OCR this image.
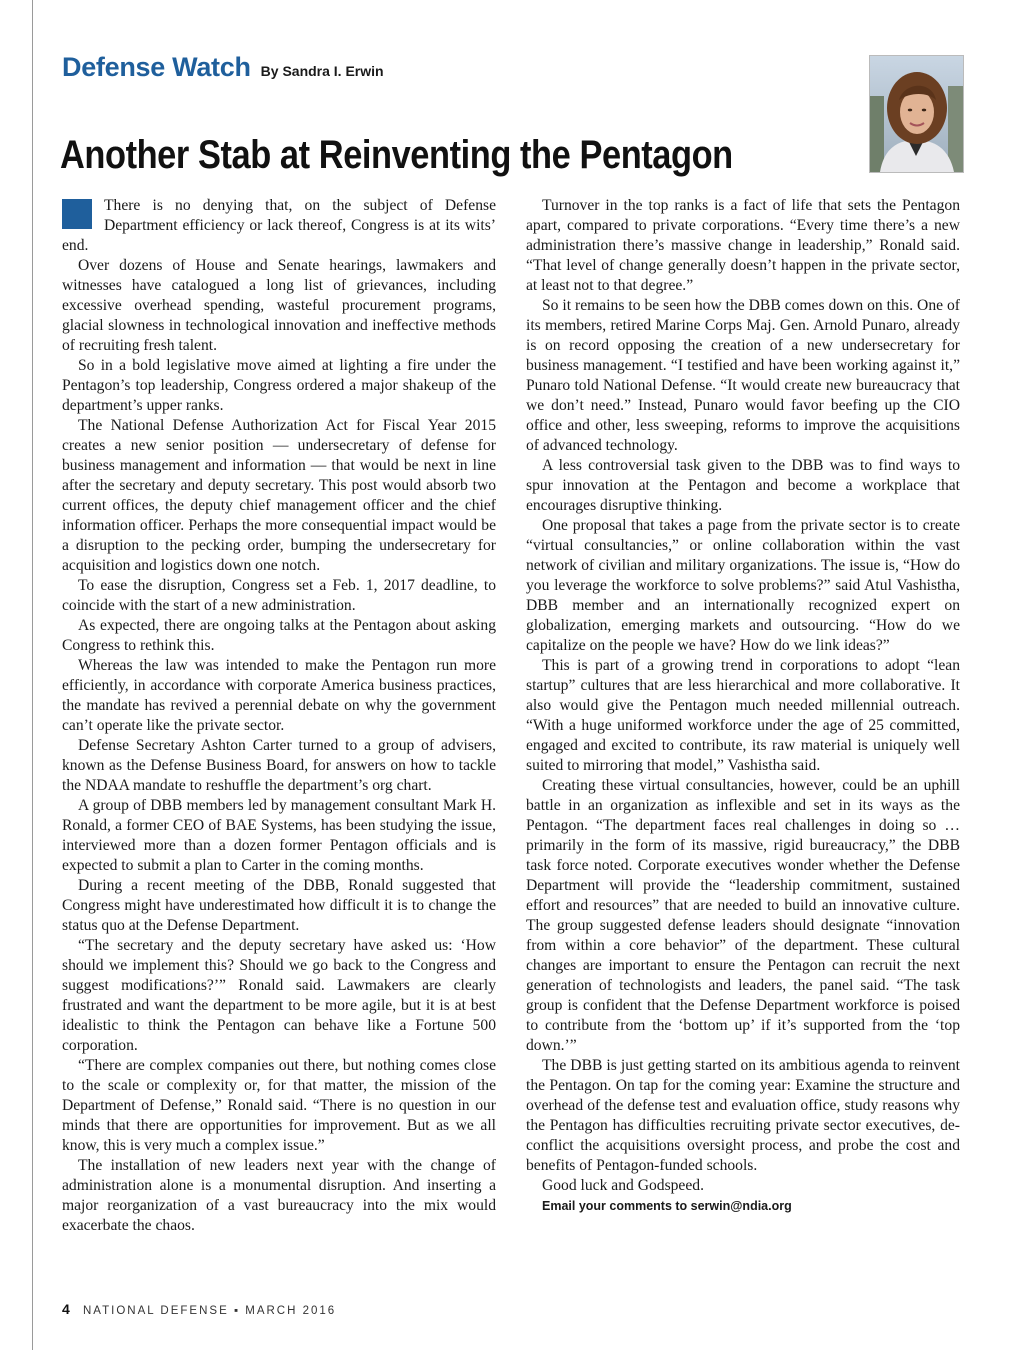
Defense Watch By Sandra I. Erwin
Another Stab at Reinventing the Pentagon

There is no denying that, on the subject of Defense Department efficiency or lack thereof, Congress is at its wits’ end.

Over dozens of House and Senate hearings, lawmakers and witnesses have catalogued a long list of grievances, including excessive overhead spending, wasteful procurement programs, glacial slowness in technological innovation and ineffective methods of recruiting fresh talent.

So in a bold legislative move aimed at lighting a fire under the Pentagon’s top leadership, Congress ordered a major shakeup of the department’s upper ranks.

The National Defense Authorization Act for Fiscal Year 2015 creates a new senior position — undersecretary of defense for business management and information — that would be next in line after the secretary and deputy secretary. This post would absorb two current offices, the deputy chief management officer and the chief information officer. Perhaps the more consequential impact would be a disruption to the pecking order, bumping the undersecretary for acquisition and logistics down one notch.

To ease the disruption, Congress set a Feb. 1, 2017 deadline, to coincide with the start of a new administration.

As expected, there are ongoing talks at the Pentagon about asking Congress to rethink this.

Whereas the law was intended to make the Pentagon run more efficiently, in accordance with corporate America business practices, the mandate has revived a perennial debate on why the government can’t operate like the private sector.

Defense Secretary Ashton Carter turned to a group of advisers, known as the Defense Business Board, for answers on how to tackle the NDAA mandate to reshuffle the department’s org chart.

A group of DBB members led by management consultant Mark H. Ronald, a former CEO of BAE Systems, has been studying the issue, interviewed more than a dozen former Pentagon officials and is expected to submit a plan to Carter in the coming months.

During a recent meeting of the DBB, Ronald suggested that Congress might have underestimated how difficult it is to change the status quo at the Defense Department.

“The secretary and the deputy secretary have asked us: ‘How should we implement this? Should we go back to the Congress and suggest modifications?’” Ronald said. Lawmakers are clearly frustrated and want the department to be more agile, but it is at best idealistic to think the Pentagon can behave like a Fortune 500 corporation.

“There are complex companies out there, but nothing comes close to the scale or complexity or, for that matter, the mission of the Department of Defense,” Ronald said. “There is no question in our minds that there are opportunities for improvement. But as we all know, this is very much a complex issue.”

The installation of new leaders next year with the change of administration alone is a monumental disruption. And inserting a major reorganization of a vast bureaucracy into the mix would exacerbate the chaos.

Turnover in the top ranks is a fact of life that sets the Pentagon apart, compared to private corporations. “Every time there’s a new administration there’s massive change in leadership,” Ronald said. “That level of change generally doesn’t happen in the private sector, at least not to that degree.”

So it remains to be seen how the DBB comes down on this. One of its members, retired Marine Corps Maj. Gen. Arnold Punaro, already is on record opposing the creation of a new undersecretary for business management. “I testified and have been working against it,” Punaro told National Defense. “It would create new bureaucracy that we don’t need.” Instead, Punaro would favor beefing up the CIO office and other, less sweeping, reforms to improve the acquisitions of advanced technology.

A less controversial task given to the DBB was to find ways to spur innovation at the Pentagon and become a workplace that encourages disruptive thinking.

One proposal that takes a page from the private sector is to create “virtual consultancies,” or online collaboration within the vast network of civilian and military organizations. The issue is, “How do you leverage the workforce to solve problems?” said Atul Vashistha, DBB member and an internationally recognized expert on globalization, emerging markets and outsourcing. “How do we capitalize on the people we have? How do we link ideas?”

This is part of a growing trend in corporations to adopt “lean startup” cultures that are less hierarchical and more collaborative. It also would give the Pentagon much needed millennial outreach. “With a huge uniformed workforce under the age of 25 committed, engaged and excited to contribute, its raw material is uniquely well suited to mirroring that model,” Vashistha said.

Creating these virtual consultancies, however, could be an uphill battle in an organization as inflexible and set in its ways as the Pentagon. “The department faces real challenges in doing so … primarily in the form of its massive, rigid bureaucracy,” the DBB task force noted. Corporate executives wonder whether the Defense Department will provide the “leadership commitment, sustained effort and resources” that are needed to build an innovative culture. The group suggested defense leaders should designate “innovation from within a core behavior” of the department. These cultural changes are important to ensure the Pentagon can recruit the next generation of technologists and leaders, the panel said. “The task group is confident that the Defense Department workforce is poised to contribute from the ‘bottom up’ if it’s supported from the ‘top down.’”

The DBB is just getting started on its ambitious agenda to reinvent the Pentagon. On tap for the coming year: Examine the structure and overhead of the defense test and evaluation office, study reasons why the Pentagon has difficulties recruiting private sector executives, de-conflict the acquisitions oversight process, and probe the cost and benefits of Pentagon-funded schools.

Good luck and Godspeed.

Email your comments to serwin@ndia.org

4 NATIONAL DEFENSE ▪ MARCH 2016
